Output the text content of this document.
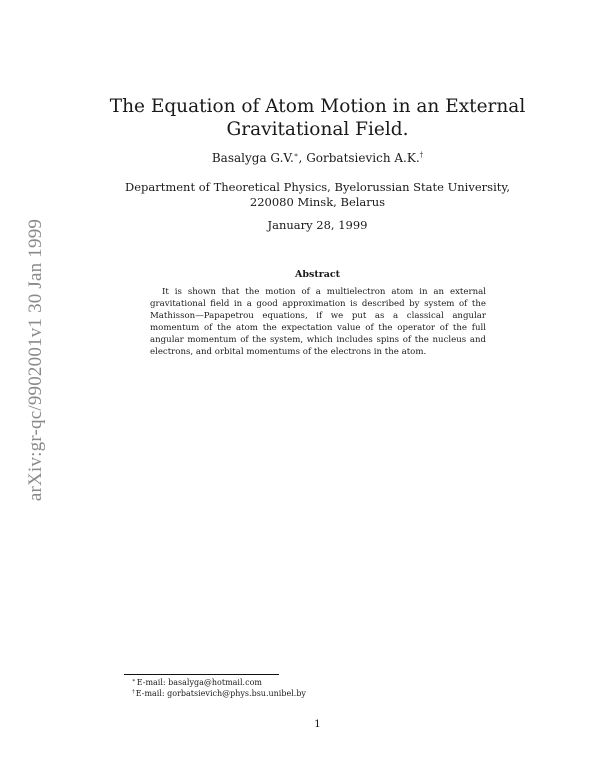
arXiv:gr-qc/9902001v1 30 Jan 1999
The Equation of Atom Motion in an External
Gravitational Field.
Basalyga G.V.∗, Gorbatsievich A.K.†
Department of Theoretical Physics, Byelorussian State University,
220080 Minsk, Belarus
January 28, 1999
Abstract
It is shown that the motion of a multielectron atom in an external gravitational field in a good approximation is described by system of the Mathisson—Papapetrou equations, if we put as a classical angular momentum of the atom the expectation value of the operator of the full angular momentum of the system, which includes spins of the nucleus and electrons, and orbital momentums of the electrons in the atom.
∗E-mail: basalyga@hotmail.com
†E-mail: gorbatsievich@phys.bsu.unibel.by
1
